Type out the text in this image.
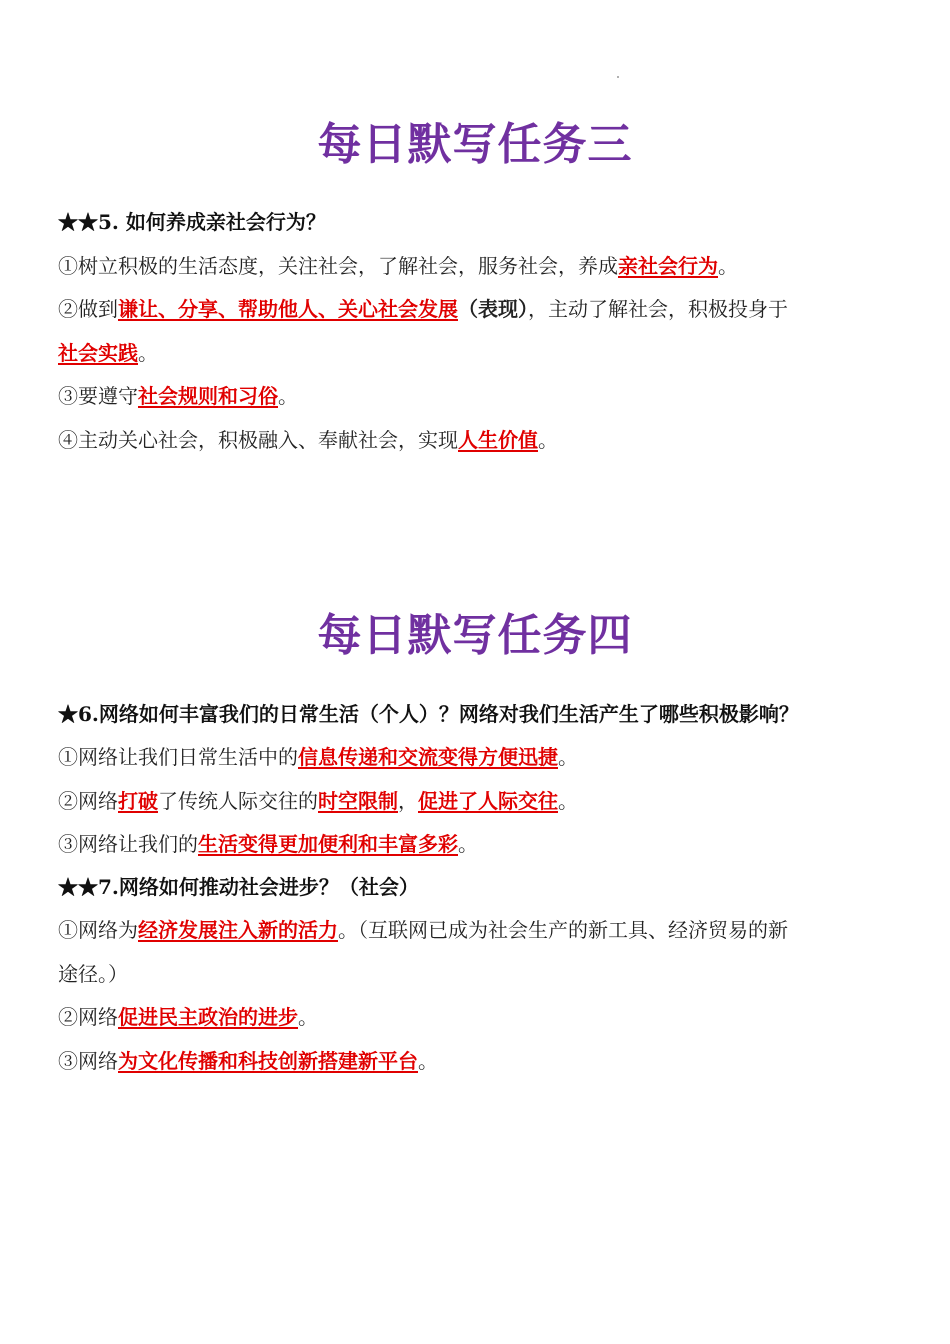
每日默写任务三
★★5. 如何养成亲社会行为？
①树立积极的生活态度，关注社会，了解社会，服务社会，养成亲社会行为。
②做到谦让、分享、帮助他人、关心社会发展（表现），主动了解社会，积极投身于
社会实践。
③要遵守社会规则和习俗。
④主动关心社会，积极融入、奉献社会，实现人生价值。
每日默写任务四
★6.网络如何丰富我们的日常生活（个人）？网络对我们生活产生了哪些积极影响？
①网络让我们日常生活中的信息传递和交流变得方便迅捷。
②网络打破了传统人际交往的时空限制，促进了人际交往。
③网络让我们的生活变得更加便利和丰富多彩。
★★7.网络如何推动社会进步？（社会）
①网络为经济发展注入新的活力。（互联网已成为社会生产的新工具、经济贸易的新
途径。）
②网络促进民主政治的进步。
③网络为文化传播和科技创新搭建新平台。
